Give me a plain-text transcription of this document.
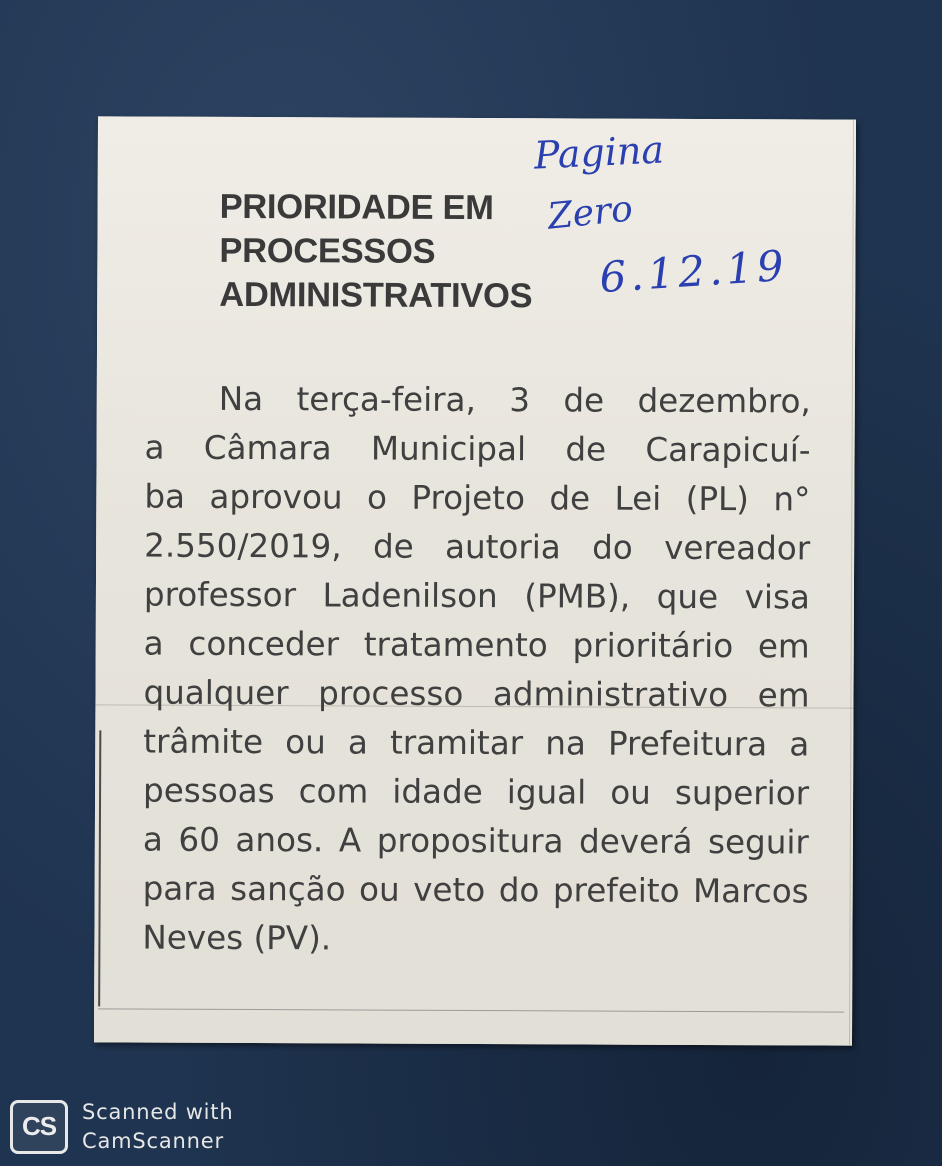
PRIORIDADE EM
PROCESSOS
ADMINISTRATIVOS
Pagina
Zero
6.12.19

Na terça-feira, 3 de dezembro,
a Câmara Municipal de Carapicuí-
ba aprovou o Projeto de Lei (PL) n°
2.550/2019, de autoria do vereador
professor Ladenilson (PMB), que visa
a conceder tratamento prioritário em
qualquer processo administrativo em
trâmite ou a tramitar na Prefeitura a
pessoas com idade igual ou superior
a 60 anos. A propositura deverá seguir
para sanção ou veto do prefeito Marcos
Neves (PV).

CS	Scanned with
CamScanner
